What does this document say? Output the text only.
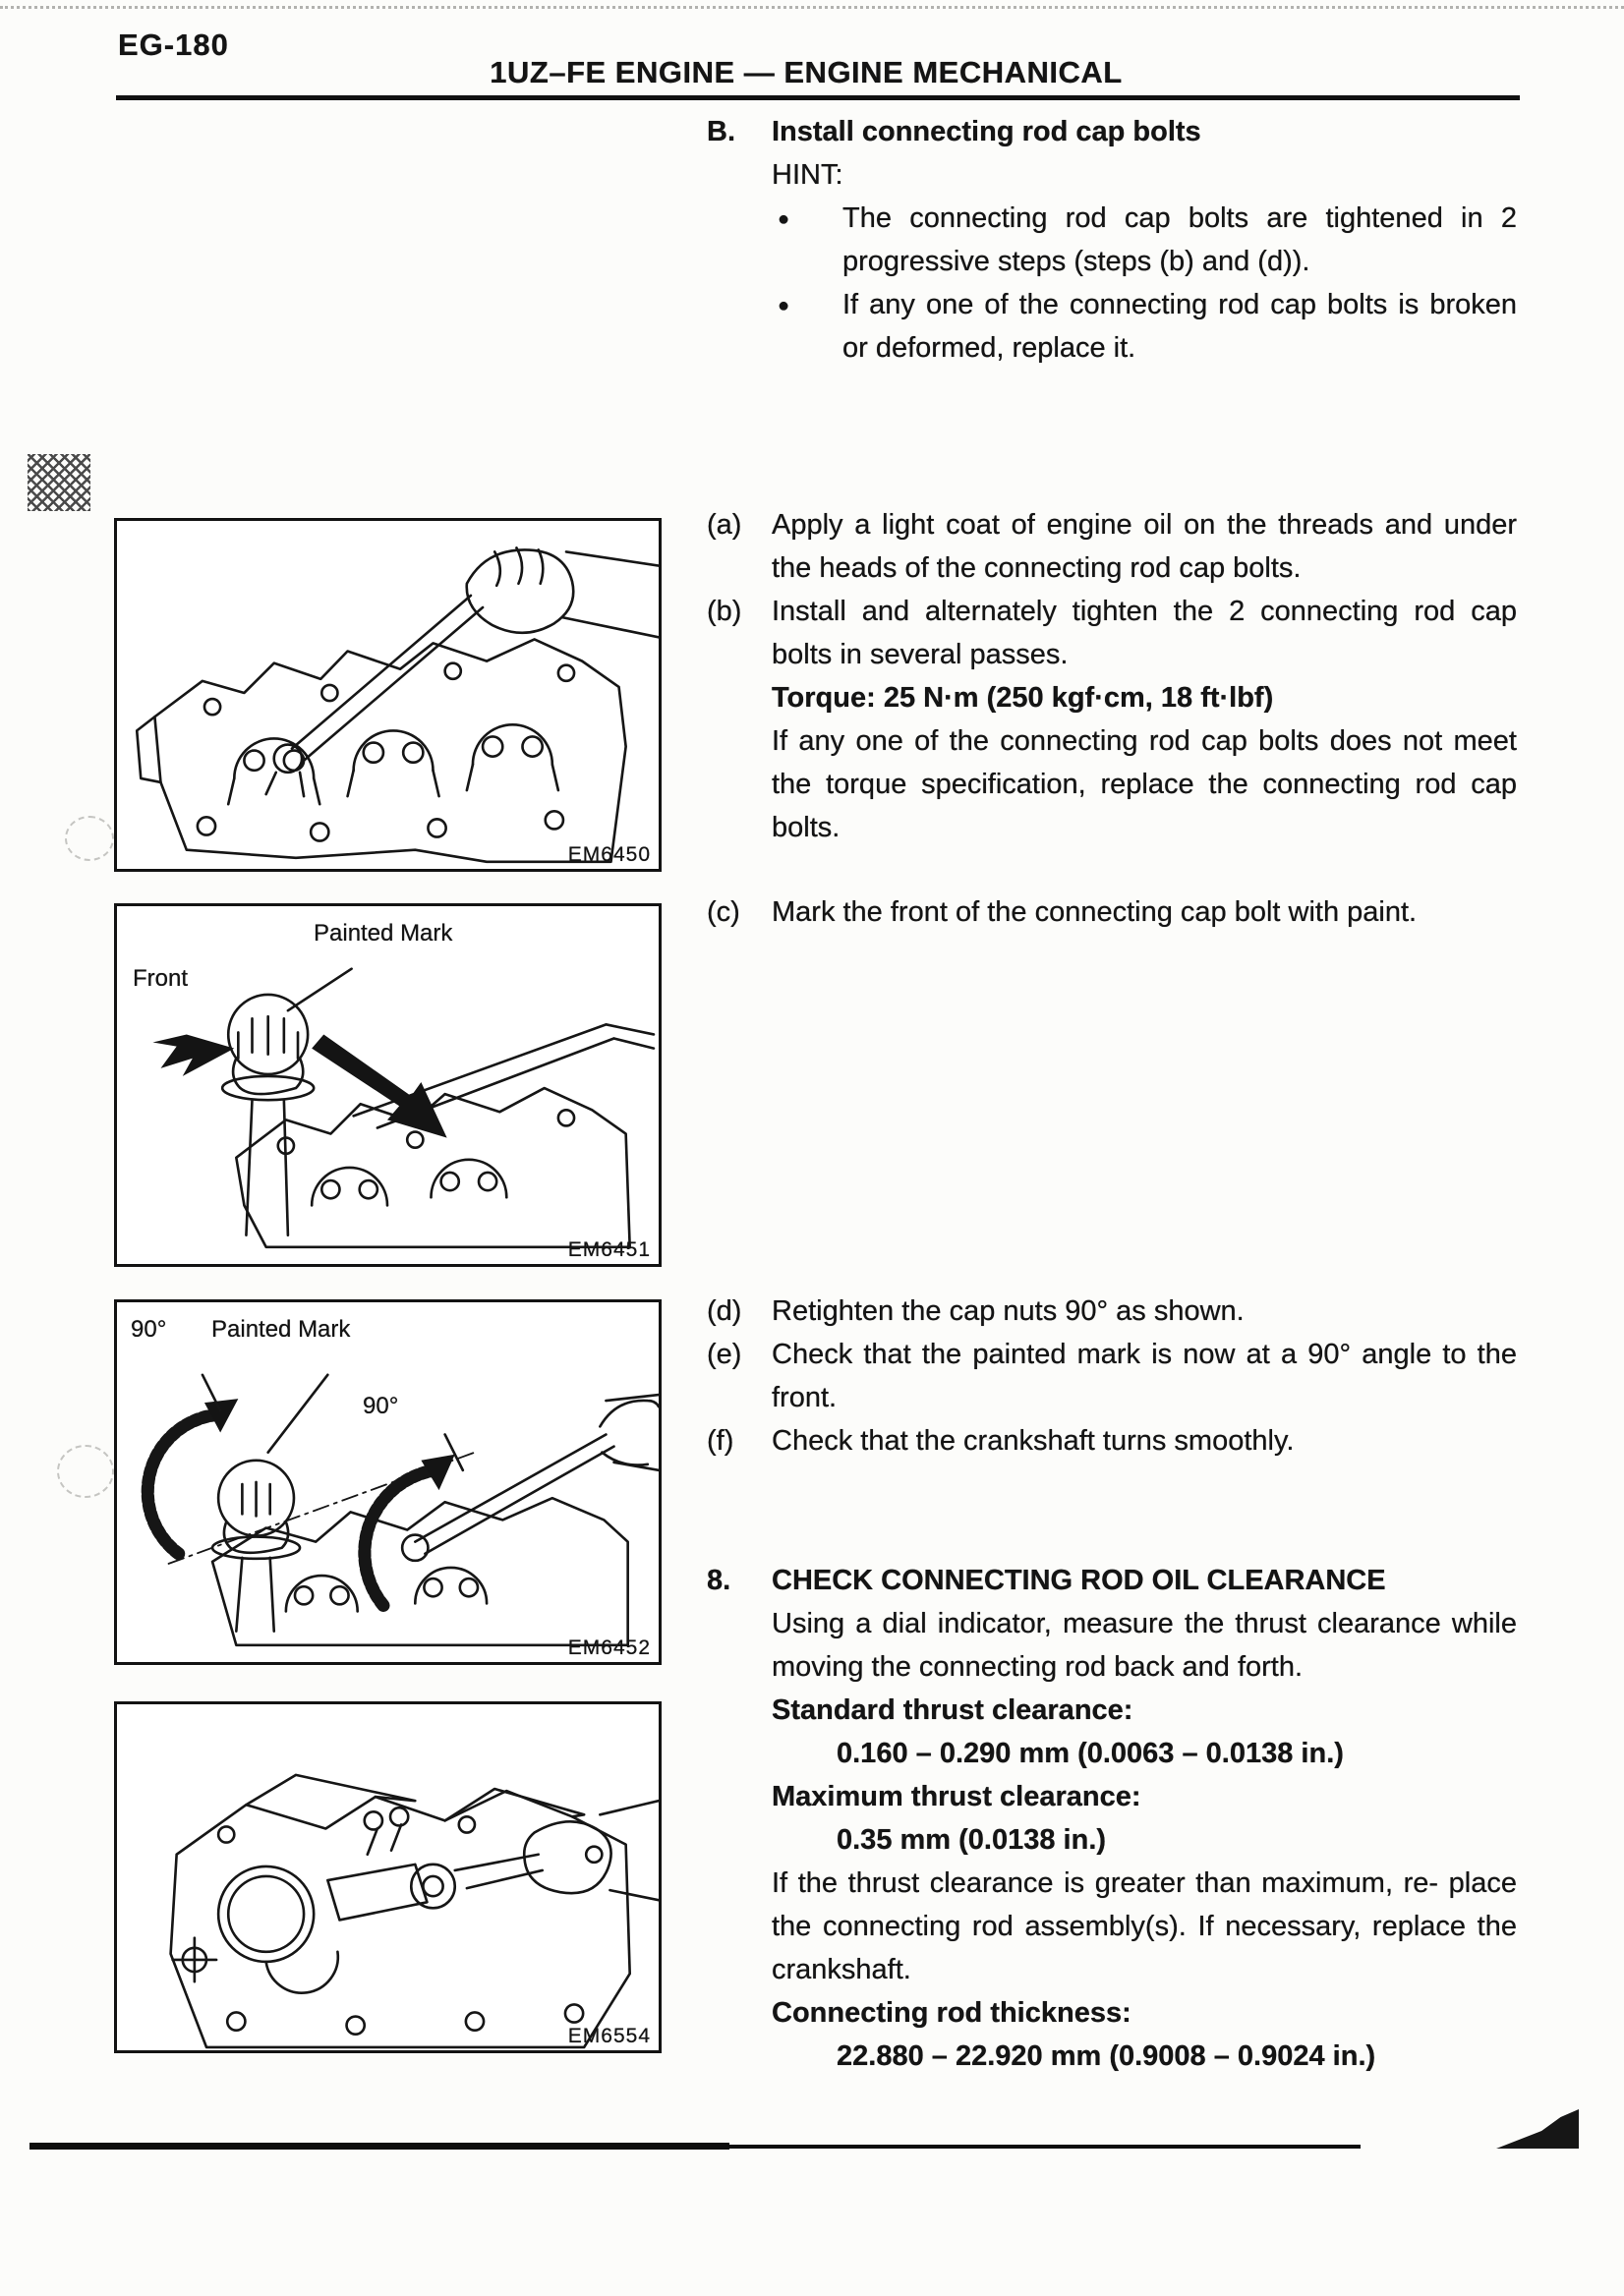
EG-180
1UZ–FE ENGINE — ENGINE MECHANICAL
B. Install connecting rod cap bolts
HINT:
● The connecting rod cap bolts are tightened in 2 progressive steps (steps (b) and (d)).
● If any one of the connecting rod cap bolts is broken or deformed, replace it.
EM6450
(a) Apply a light coat of engine oil on the threads and under the heads of the connecting rod cap bolts.
(b) Install and alternately tighten the 2 connecting rod cap bolts in several passes.
Torque: 25 N·m (250 kgf·cm, 18 ft·lbf)
If any one of the connecting rod cap bolts does not meet the torque specification, replace the connecting rod cap bolts.
Painted Mark
Front
EM6451
(c) Mark the front of the connecting cap bolt with paint.
90° Painted Mark
90°
EM6452
(d) Retighten the cap nuts 90° as shown.
(e) Check that the painted mark is now at a 90° angle to the front.
(f) Check that the crankshaft turns smoothly.
8. CHECK CONNECTING ROD OIL CLEARANCE
Using a dial indicator, measure the thrust clearance while moving the connecting rod back and forth.
Standard thrust clearance:
0.160 – 0.290 mm (0.0063 – 0.0138 in.)
Maximum thrust clearance:
0.35 mm (0.0138 in.)
If the thrust clearance is greater than maximum, re- place the connecting rod assembly(s). If necessary, replace the crankshaft.
Connecting rod thickness:
22.880 – 22.920 mm (0.9008 – 0.9024 in.)
EM6554
